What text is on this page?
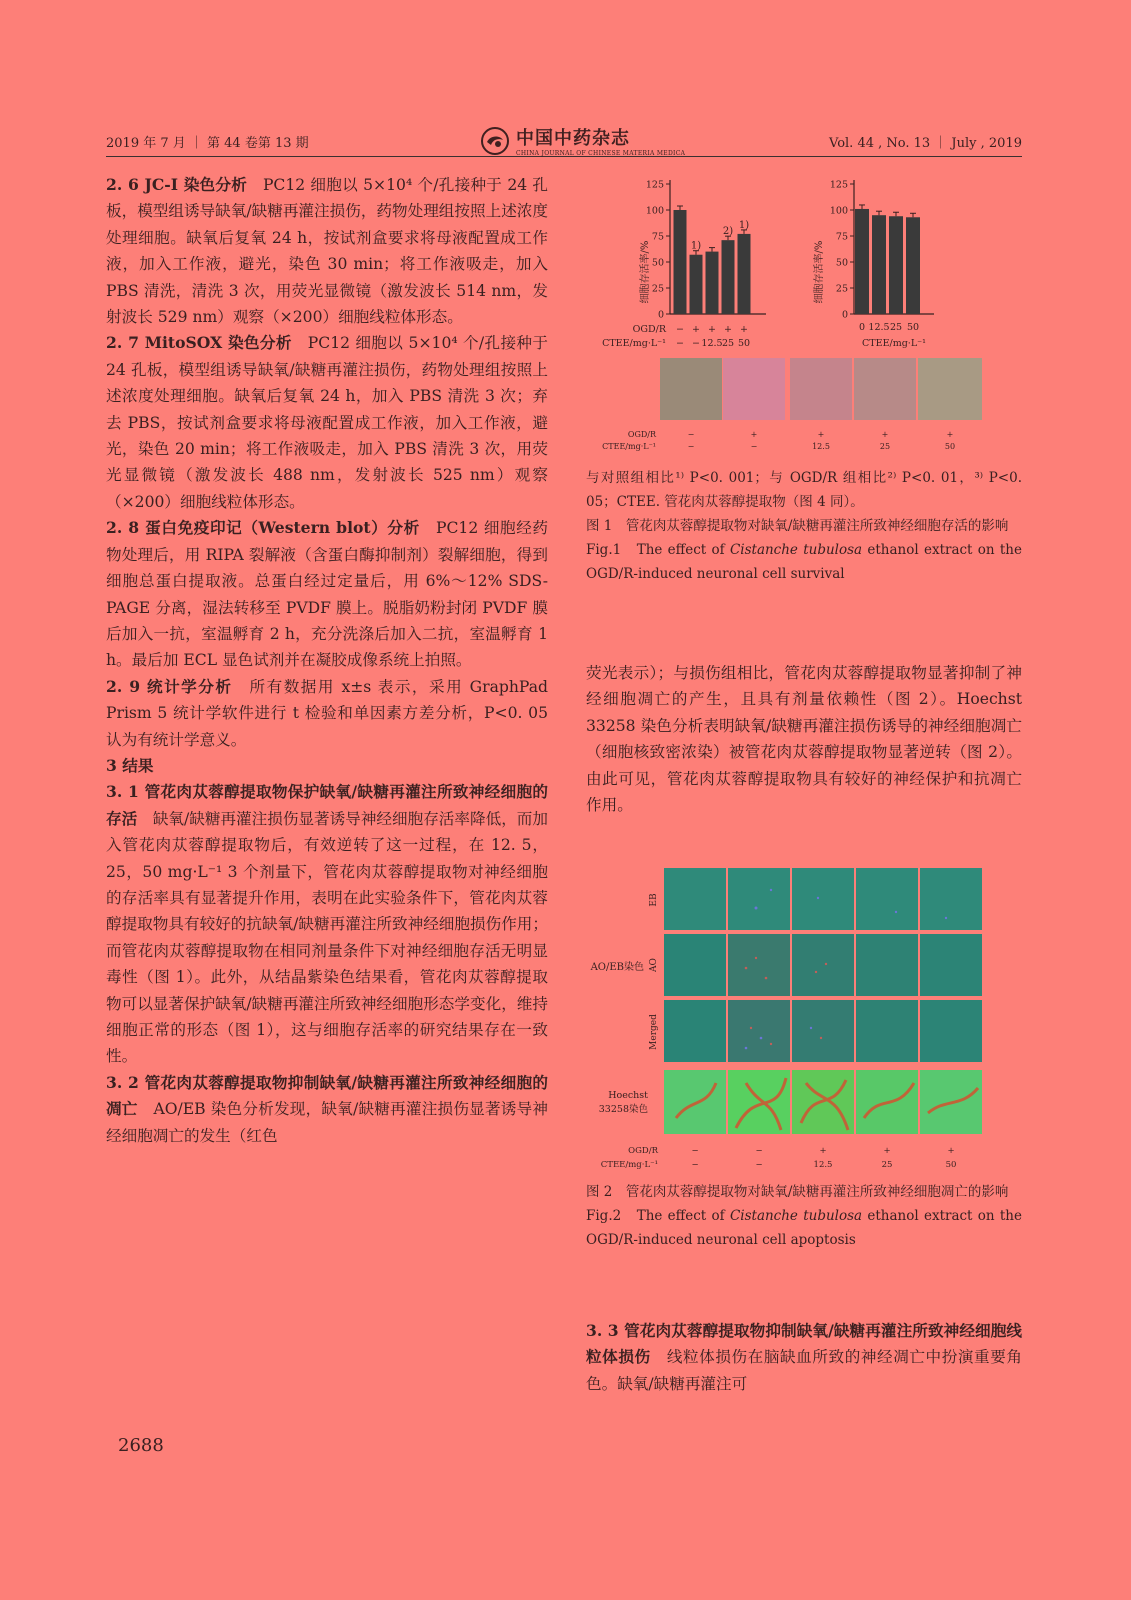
2019 年 7 月 ｜ 第 44 卷第 13 期	中国中药杂志
CHINA JOURNAL OF CHINESE MATERIA MEDICA
Vol. 44 , No. 13 ｜ July , 2019

2. 6 JC-I 染色分析　 PC12 细胞以 5×10⁴ 个/孔接种于 24 孔板，模型组诱导缺氧/缺糖再灌注损伤，药物处理组按照上述浓度处理细胞。缺氧后复氧 24 h，按试剂盒要求将母液配置成工作液，加入工作液，避光，染色 30 min；将工作液吸走，加入 PBS 清洗，清洗 3 次，用荧光显微镜（激发波长 514 nm，发射波长 529 nm）观察（×200）细胞线粒体形态。

2. 7 MitoSOX 染色分析　 PC12 细胞以 5×10⁴ 个/孔接种于 24 孔板，模型组诱导缺氧/缺糖再灌注损伤，药物处理组按照上述浓度处理细胞。缺氧后复氧 24 h，加入 PBS 清洗 3 次；弃去 PBS，按试剂盒要求将母液配置成工作液，加入工作液，避光，染色 20 min；将工作液吸走，加入 PBS 清洗 3 次，用荧光显微镜（激发波长 488 nm，发射波长 525 nm）观察（×200）细胞线粒体形态。

2. 8 蛋白免疫印记（Western blot）分析　 PC12 细胞经药物处理后，用 RIPA 裂解液（含蛋白酶抑制剂）裂解细胞，得到细胞总蛋白提取液。总蛋白经过定量后，用 6%～12% SDS-PAGE 分离，湿法转移至 PVDF 膜上。脱脂奶粉封闭 PVDF 膜后加入一抗，室温孵育 2 h，充分洗涤后加入二抗，室温孵育 1 h。最后加 ECL 显色试剂并在凝胶成像系统上拍照。

2. 9 统计学分析　 所有数据用 x±s 表示，采用 GraphPad Prism 5 统计学软件进行 t 检验和单因素方差分析，P<0. 05 认为有统计学意义。

3 结果

3. 1 管花肉苁蓉醇提取物保护缺氧/缺糖再灌注所致神经细胞的存活　 缺氧/缺糖再灌注损伤显著诱导神经细胞存活率降低，而加入管花肉苁蓉醇提取物后，有效逆转了这一过程，在 12. 5，25，50 mg·L⁻¹ 3 个剂量下，管花肉苁蓉醇提取物对神经细胞的存活率具有显著提升作用，表明在此实验条件下，管花肉苁蓉醇提取物具有较好的抗缺氧/缺糖再灌注所致神经细胞损伤作用；而管花肉苁蓉醇提取物在相同剂量条件下对神经细胞存活无明显毒性（图 1）。此外，从结晶紫染色结果看，管花肉苁蓉醇提取物可以显著保护缺氧/缺糖再灌注所致神经细胞形态学变化，维持细胞正常的形态（图 1），这与细胞存活率的研究结果存在一致性。

3. 2 管花肉苁蓉醇提取物抑制缺氧/缺糖再灌注所致神经细胞的凋亡　 AO/EB 染色分析发现，缺氧/缺糖再灌注损伤显著诱导神经细胞凋亡的发生（红色

2688
细胞存活率/%
125
100
75
50
25
0
1)
2)
1)
OGD/R
CTEE/mg·L⁻¹
− + + + +
− − 12.5 25 50
细胞存活率/%
125
100
75
50
25
0
0 12.5 25 50
CTEE/mg·L⁻¹
OGD/R
CTEE/mg·L⁻¹
−	+	+	+	+
−	−	12.5	25	50
与对照组相比¹⁾ P<0. 001；与 OGD/R 组相比²⁾ P<0. 01，³⁾ P<0. 05；CTEE. 管花肉苁蓉醇提取物（图 4 同）。
图 1　管花肉苁蓉醇提取物对缺氧/缺糖再灌注所致神经细胞存活的影响
Fig.1　The effect of Cistanche tubulosa ethanol extract on the OGD/R-induced neuronal cell survival
荧光表示）；与损伤组相比，管花肉苁蓉醇提取物显著抑制了神经细胞凋亡的产生，且具有剂量依赖性（图 2）。Hoechst 33258 染色分析表明缺氧/缺糖再灌注损伤诱导的神经细胞凋亡（细胞核致密浓染）被管花肉苁蓉醇提取物显著逆转（图 2）。由此可见，管花肉苁蓉醇提取物具有较好的神经保护和抗凋亡作用。
EB
AO
Merged
AO/EB染色
Hoechst
33258染色
OGD/R
CTEE/mg·L⁻¹
−	−	+	+	+
−	−	12.5	25	50
图 2　管花肉苁蓉醇提取物对缺氧/缺糖再灌注所致神经细胞凋亡的影响
Fig.2　The effect of Cistanche tubulosa ethanol extract on the OGD/R-induced neuronal cell apoptosis
3. 3 管花肉苁蓉醇提取物抑制缺氧/缺糖再灌注所致神经细胞线粒体损伤　 线粒体损伤在脑缺血所致的神经凋亡中扮演重要角色。缺氧/缺糖再灌注可
